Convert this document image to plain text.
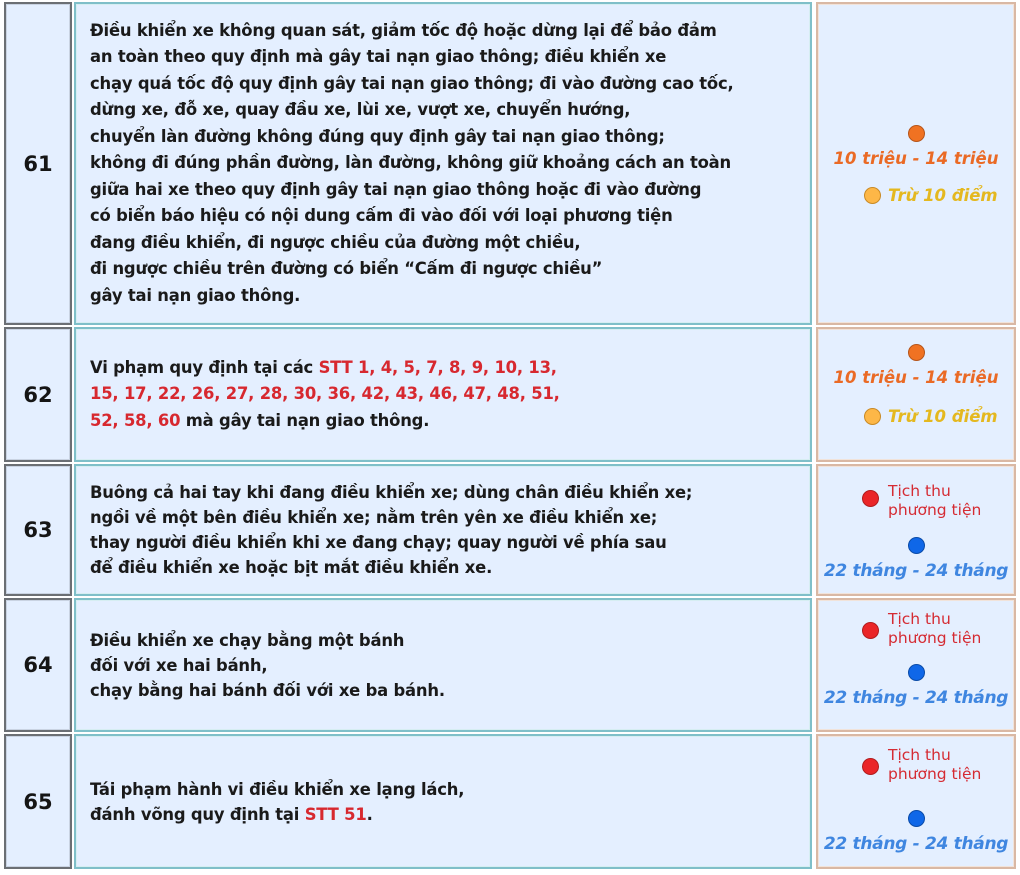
61
Điều khiển xe không quan sát, giảm tốc độ hoặc dừng lại để bảo đảm
an toàn theo quy định mà gây tai nạn giao thông; điều khiển xe
chạy quá tốc độ quy định gây tai nạn giao thông; đi vào đường cao tốc,
dừng xe, đỗ xe, quay đầu xe, lùi xe, vượt xe, chuyển hướng,
chuyển làn đường không đúng quy định gây tai nạn giao thông;
không đi đúng phần đường, làn đường, không giữ khoảng cách an toàn
giữa hai xe theo quy định gây tai nạn giao thông hoặc đi vào đường
có biển báo hiệu có nội dung cấm đi vào đối với loại phương tiện
đang điều khiển, đi ngược chiều của đường một chiều,
đi ngược chiều trên đường có biển “Cấm đi ngược chiều”
gây tai nạn giao thông.
10 triệu - 14 triệu
Trừ 10 điểm
62
Vi phạm quy định tại các STT 1, 4, 5, 7, 8, 9, 10, 13,
15, 17, 22, 26, 27, 28, 30, 36, 42, 43, 46, 47, 48, 51,
52, 58, 60 mà gây tai nạn giao thông.
10 triệu - 14 triệu
Trừ 10 điểm
63
Buông cả hai tay khi đang điều khiển xe; dùng chân điều khiển xe;
ngồi về một bên điều khiển xe; nằm trên yên xe điều khiển xe;
thay người điều khiển khi xe đang chạy; quay người về phía sau
để điều khiển xe hoặc bịt mắt điều khiển xe.
Tịch thu
phương tiện
22 tháng - 24 tháng
64
Điều khiển xe chạy bằng một bánh
đối với xe hai bánh,
chạy bằng hai bánh đối với xe ba bánh.
Tịch thu
phương tiện
22 tháng - 24 tháng
65
Tái phạm hành vi điều khiển xe lạng lách,
đánh võng quy định tại STT 51.
Tịch thu
phương tiện
22 tháng - 24 tháng
